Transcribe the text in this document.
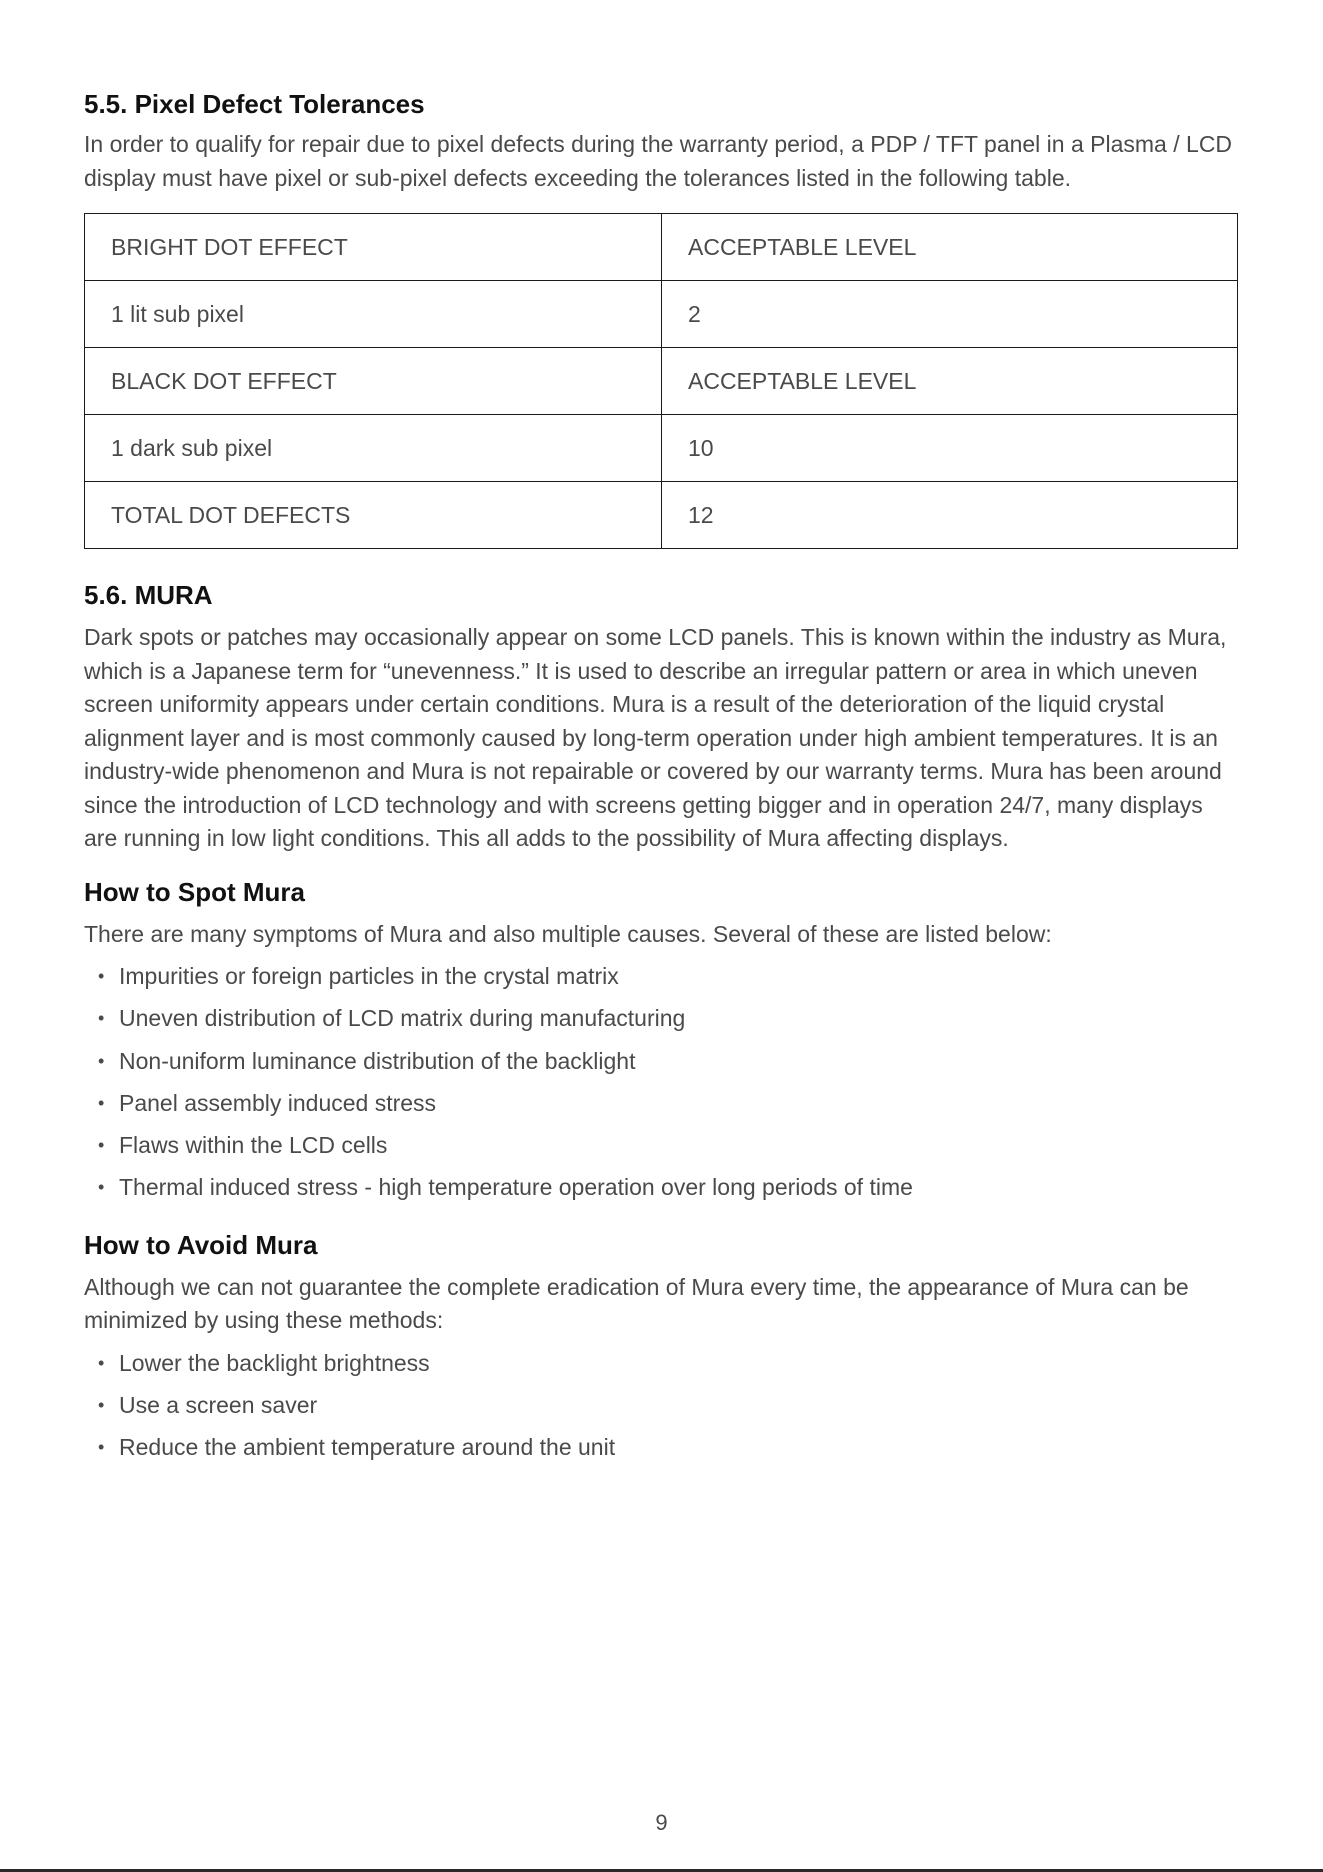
5.5. Pixel Defect Tolerances

In order to qualify for repair due to pixel defects during the warranty period, a PDP / TFT panel in a Plasma / LCD display must have pixel or sub-pixel defects exceeding the tolerances listed in the following table.

BRIGHT DOT EFFECT	ACCEPTABLE LEVEL
1 lit sub pixel	2
BLACK DOT EFFECT	ACCEPTABLE LEVEL
1 dark sub pixel	10
TOTAL DOT DEFECTS	12
5.6. MURA

Dark spots or patches may occasionally appear on some LCD panels. This is known within the industry as Mura, which is a Japanese term for “unevenness.” It is used to describe an irregular pattern or area in which uneven screen uniformity appears under certain conditions. Mura is a result of the deterioration of the liquid crystal alignment layer and is most commonly caused by long-term operation under high ambient temperatures. It is an industry-wide phenomenon and Mura is not repairable or covered by our warranty terms. Mura has been around since the introduction of LCD technology and with screens getting bigger and in operation 24/7, many displays are running in low light conditions. This all adds to the possibility of Mura affecting displays.

How to Spot Mura

There are many symptoms of Mura and also multiple causes. Several of these are listed below:

• Impurities or foreign particles in the crystal matrix
• Uneven distribution of LCD matrix during manufacturing
• Non-uniform luminance distribution of the backlight
• Panel assembly induced stress
• Flaws within the LCD cells
• Thermal induced stress - high temperature operation over long periods of time
How to Avoid Mura

Although we can not guarantee the complete eradication of Mura every time, the appearance of Mura can be minimized by using these methods:

• Lower the backlight brightness
• Use a screen saver
• Reduce the ambient temperature around the unit
9
